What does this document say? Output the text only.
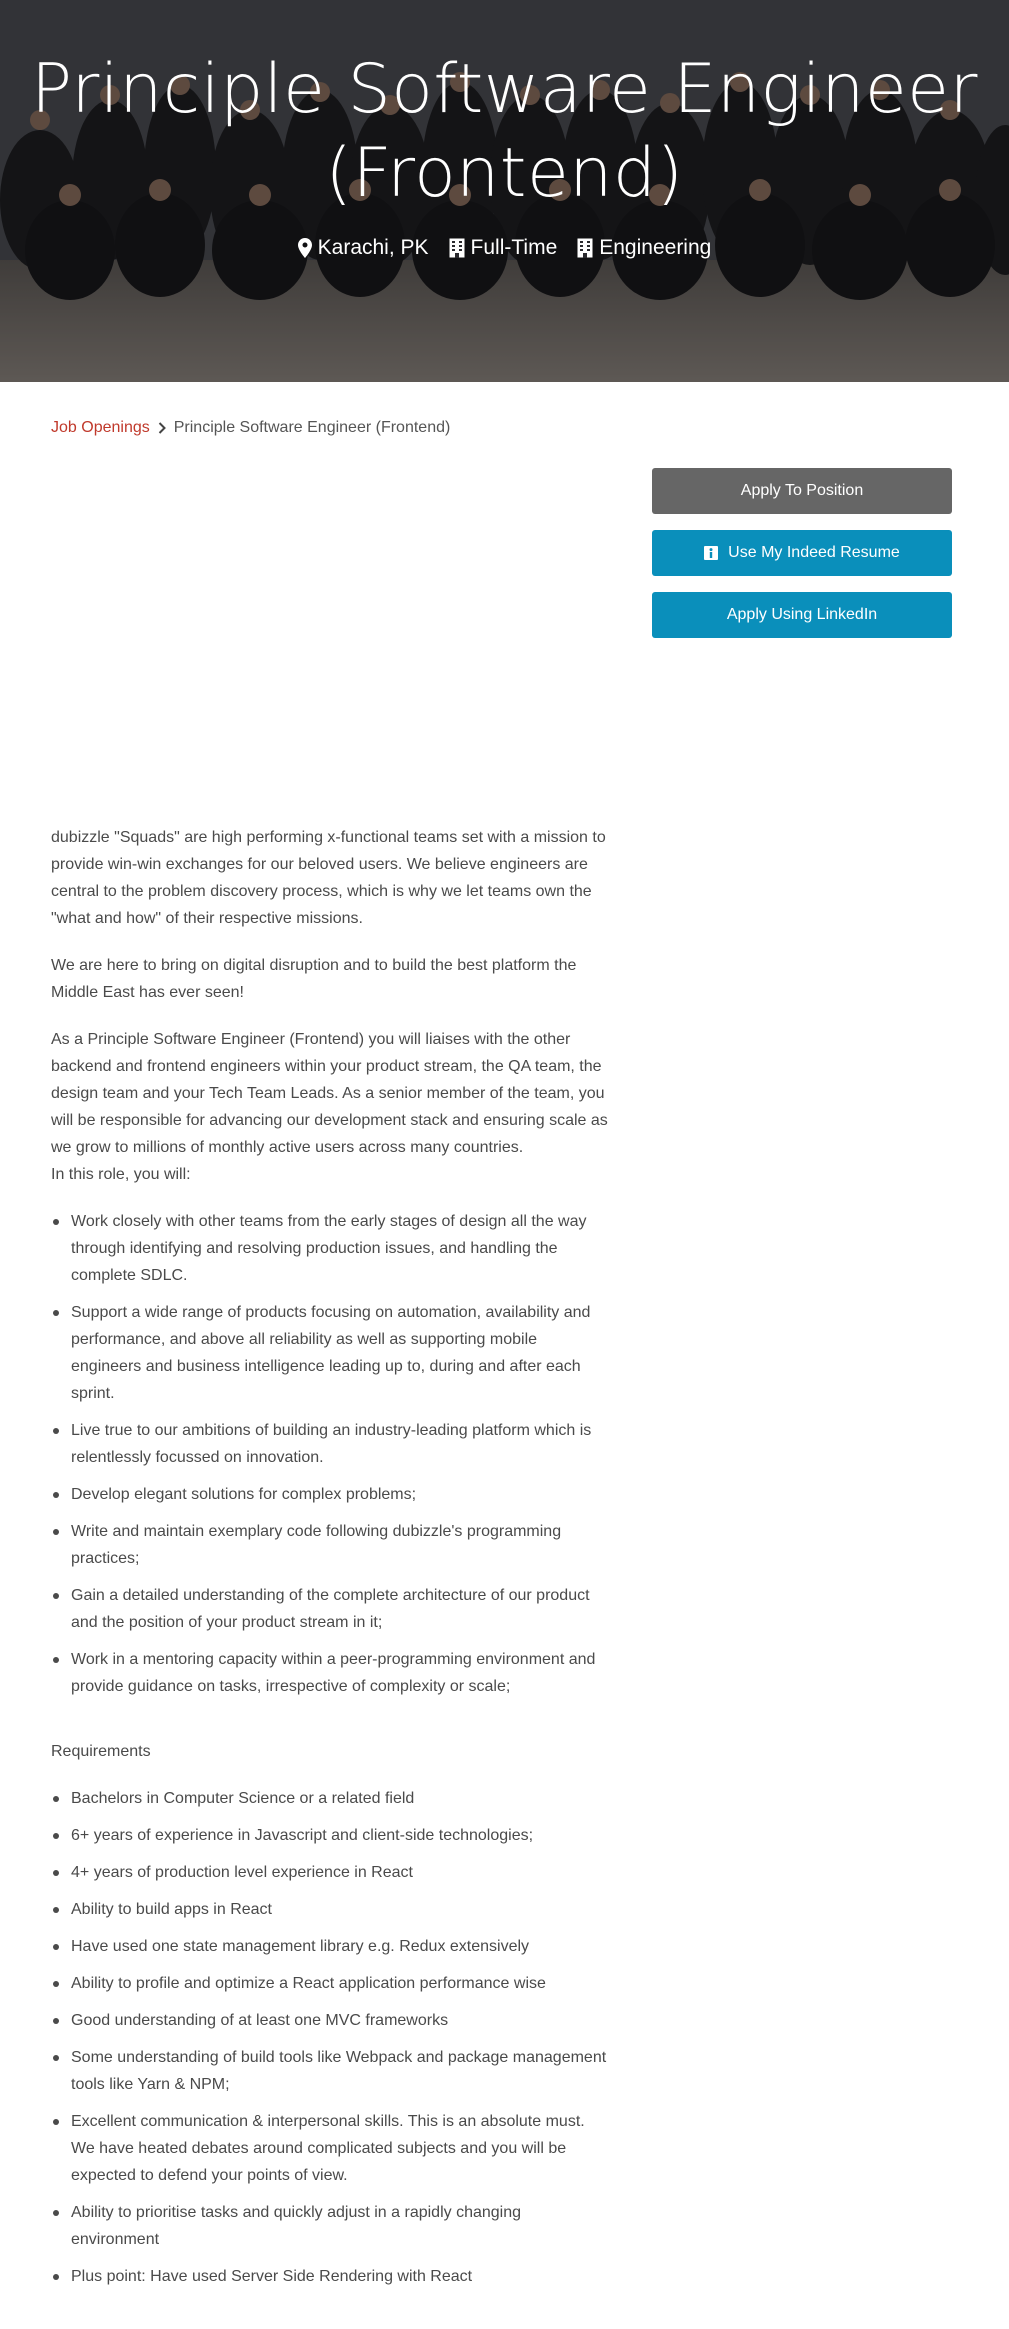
Principle Software Engineer
(Frontend)
Karachi, PK Full-Time Engineering
Job Openings Principle Software Engineer (Frontend)
Apply To Position
Use My Indeed Resume
Apply Using LinkedIn

dubizzle "Squads" are high performing x-functional teams set with a mission to provide win-win exchanges for our beloved users. We believe engineers are central to the problem discovery process, which is why we let teams own the "what and how" of their respective missions.

We are here to bring on digital disruption and to build the best platform the Middle East has ever seen!

As a Principle Software Engineer (Frontend) you will liaises with the other backend and frontend engineers within your product stream, the QA team, the design team and your Tech Team Leads. As a senior member of the team, you will be responsible for advancing our development stack and ensuring scale as we grow to millions of monthly active users across many countries.

In this role, you will:

Work closely with other teams from the early stages of design all the way through identifying and resolving production issues, and handling the complete SDLC.
Support a wide range of products focusing on automation, availability and performance, and above all reliability as well as supporting mobile engineers and business intelligence leading up to, during and after each sprint.
Live true to our ambitions of building an industry-leading platform which is relentlessly focussed on innovation.
Develop elegant solutions for complex problems;
Write and maintain exemplary code following dubizzle's programming practices;
Gain a detailed understanding of the complete architecture of our product and the position of your product stream in it;
Work in a mentoring capacity within a peer-programming environment and provide guidance on tasks, irrespective of complexity or scale;

Requirements

Bachelors in Computer Science or a related field
6+ years of experience in Javascript and client-side technologies;
4+ years of production level experience in React
Ability to build apps in React
Have used one state management library e.g. Redux extensively
Ability to profile and optimize a React application performance wise
Good understanding of at least one MVC frameworks
Some understanding of build tools like Webpack and package management tools like Yarn & NPM;
Excellent communication & interpersonal skills. This is an absolute must. We have heated debates around complicated subjects and you will be expected to defend your points of view.
Ability to prioritise tasks and quickly adjust in a rapidly changing environment
Plus point: Have used Server Side Rendering with React
